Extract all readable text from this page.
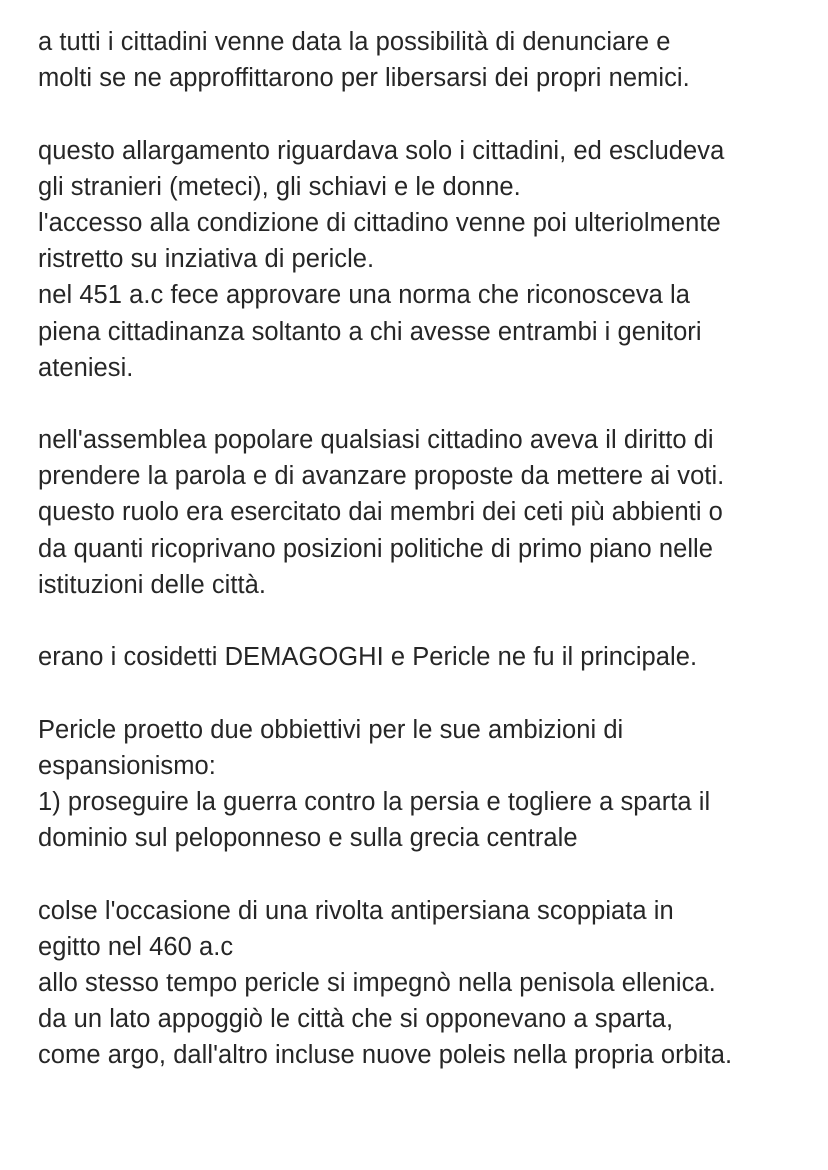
a tutti i cittadini venne data la possibilità di denunciare e
molti se ne approffittarono per libersarsi dei propri nemici.
questo allargamento riguardava solo i cittadini, ed escludeva
gli stranieri (meteci), gli schiavi e le donne.
l'accesso alla condizione di cittadino venne poi ulteriolmente
ristretto su inziativa di pericle.
nel 451 a.c fece approvare una norma che riconosceva la
piena cittadinanza soltanto a chi avesse entrambi i genitori
ateniesi.
nell'assemblea popolare qualsiasi cittadino aveva il diritto di
prendere la parola e di avanzare proposte da mettere ai voti.
questo ruolo era esercitato dai membri dei ceti più abbienti o
da quanti ricoprivano posizioni politiche di primo piano nelle
istituzioni delle città.
erano i cosidetti DEMAGOGHI e Pericle ne fu il principale.
Pericle proetto due obbiettivi per le sue ambizioni di
espansionismo:
1) proseguire la guerra contro la persia e togliere a sparta il
dominio sul peloponneso e sulla grecia centrale
colse l'occasione di una rivolta antipersiana scoppiata in
egitto nel 460 a.c
allo stesso tempo pericle si impegnò nella penisola ellenica.
da un lato appoggiò le città che si opponevano a sparta,
come argo, dall'altro incluse nuove poleis nella propria orbita.
